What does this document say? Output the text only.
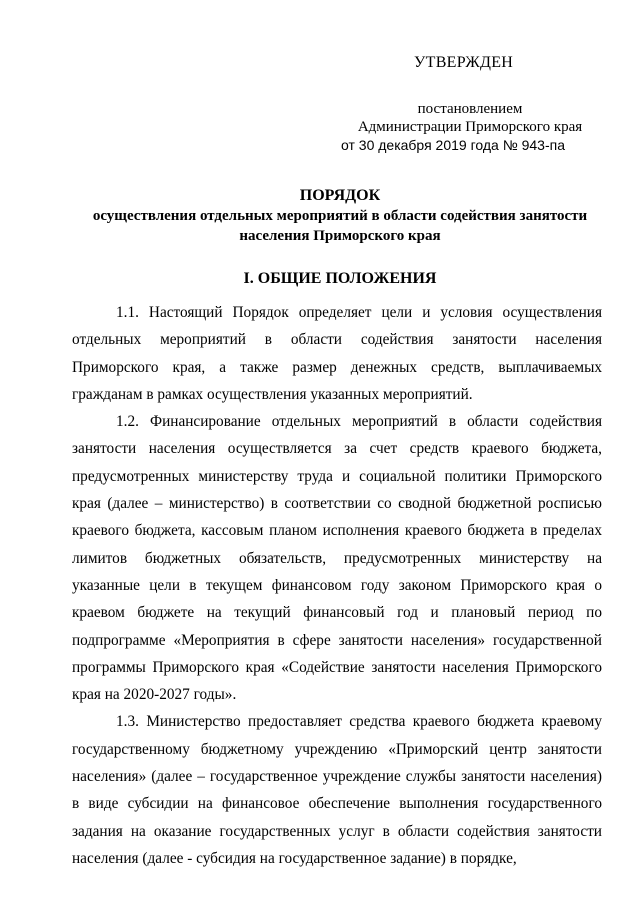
УТВЕРЖДЕН
постановлением
Администрации Приморского края
от 30 декабря 2019 года № 943-па
ПОРЯДОК
осуществления отдельных мероприятий в области содействия занятости населения Приморского края
I. ОБЩИЕ ПОЛОЖЕНИЯ

1.1. Настоящий Порядок определяет цели и условия осуществления отдельных мероприятий в области содействия занятости населения Приморского края, а также размер денежных средств, выплачиваемых гражданам в рамках осуществления указанных мероприятий.

1.2. Финансирование отдельных мероприятий в области содействия занятости населения осуществляется за счет средств краевого бюджета, предусмотренных министерству труда и социальной политики Приморского края (далее – министерство) в соответствии со сводной бюджетной росписью краевого бюджета, кассовым планом исполнения краевого бюджета в пределах лимитов бюджетных обязательств, предусмотренных министерству на указанные цели в текущем финансовом году законом Приморского края о краевом бюджете на текущий финансовый год и плановый период по подпрограмме «Мероприятия в сфере занятости населения» государственной программы Приморского края «Содействие занятости населения Приморского края на 2020-2027 годы».

1.3. Министерство предоставляет средства краевого бюджета краевому государственному бюджетному учреждению «Приморский центр занятости населения» (далее – государственное учреждение службы занятости населения) в виде субсидии на финансовое обеспечение выполнения государственного задания на оказание государственных услуг в области содействия занятости населения (далее - субсидия на государственное задание) в порядке,
